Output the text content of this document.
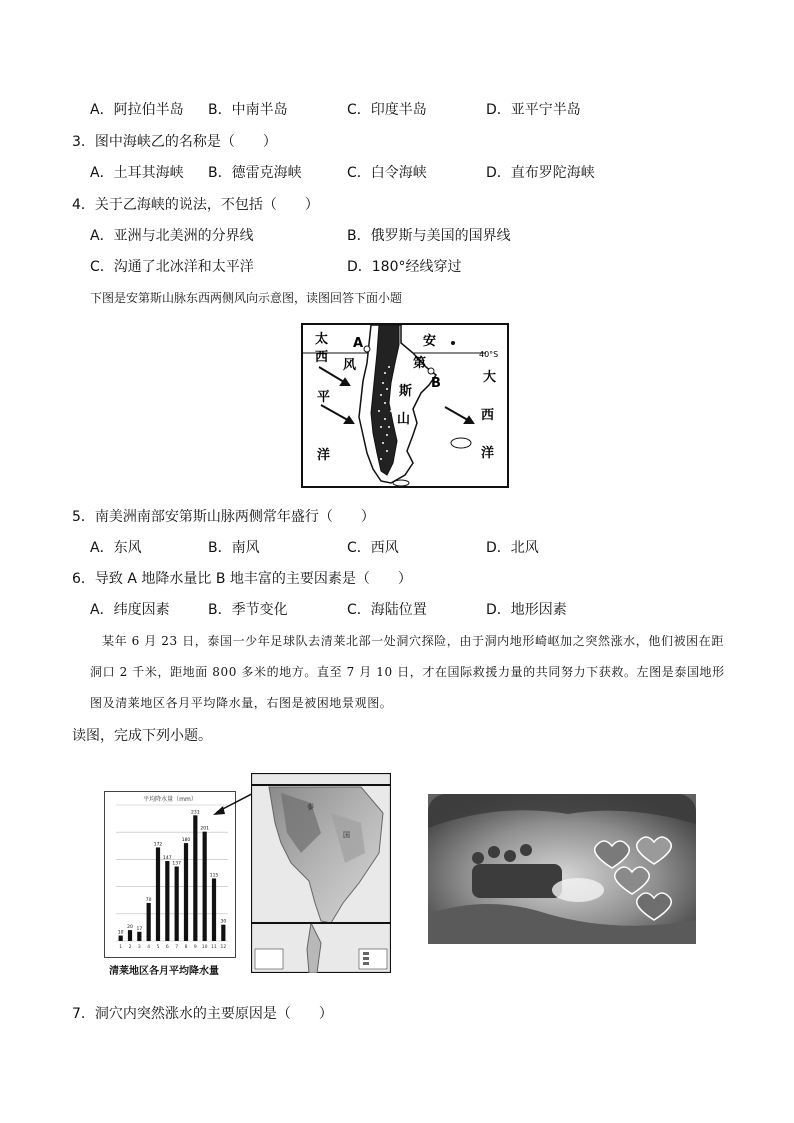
A．阿拉伯半岛 B．中南半岛	C．印度半岛	D．亚平宁半岛
3．图中海峡乙的名称是（　　）
A．土耳其海峡 B．德雷克海峡	C．白令海峡	D．直布罗陀海峡
4．关于乙海峡的说法，不包括（　　）
A．亚洲与北美洲的分界线	B．俄罗斯与美国的国界线
C．沟通了北冰洋和太平洋	D．180°经线穿过
下图是安第斯山脉东西两侧风向示意图，读图回答下面小题
太
西
风
平
洋
A	安
第
B
斯
山
大
西
洋
40°S
5．南美洲南部安第斯山脉两侧常年盛行（　　）
A．东风	B．南风	C．西风	D．北风
6．导致 A 地降水量比 B 地丰富的主要因素是（　　）
A．纬度因素	B．季节变化	C．海陆位置	D．地形因素
某年 6 月 23 日，泰国一少年足球队去清莱北部一处洞穴探险，由于洞内地形崎岖加之突然涨水，他们被困在距洞口 2 千米，距地面 800 多米的地方。直至 7 月 10 日，才在国际救援力量的共同努力下获救。左图是泰国地形图及清莱地区各月平均降水量，右图是被困地景观图。
读图，完成下列小题。
平均降水量（mm）
10
20 17
70
172
147
137
180
231
201
115
30
1 2 3 4 5 6 7 8 9 10 11 12
清莱地区各月平均降水量
泰
国
7．洞穴内突然涨水的主要原因是（　　）
